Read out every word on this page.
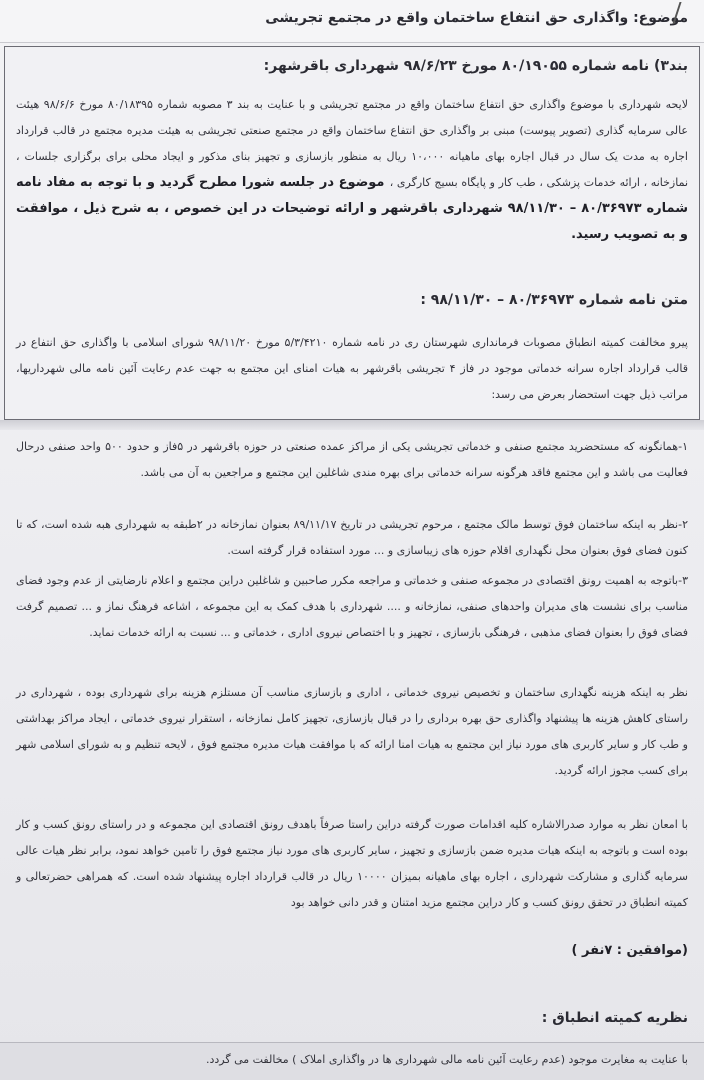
موضوع: واگذاری حق انتفاع ساختمان واقع در مجتمع تجریشی
بند۳) نامه شماره ۸۰/۱۹۰۵۵ مورخ ۹۸/۶/۲۳ شهرداری باقرشهر:
لایحه شهرداری با موضوع واگذاری حق انتفاع ساختمان واقع در مجتمع تجریشی و با عنایت به بند ۳ مصوبه شماره ۸۰/۱۸۳۹۵ مورخ ۹۸/۶/۶ هیئت عالی سرمایه گذاری (تصویر پیوست) مبنی بر واگذاری حق انتفاع ساختمان واقع در مجتمع صنعتی تجریشی به هیئت مدیره مجتمع در قالب قرارداد اجاره به مدت یک سال در قبال اجاره بهای ماهیانه ۱۰،۰۰۰ ریال به منظور بازسازی و تجهیز بنای مذکور و ایجاد محلی برای برگزاری جلسات ، نمازخانه ، ارائه خدمات پزشکی ، طب کار و پایگاه بسیج کارگری ، موضوع در جلسه شورا مطرح گردید و با توجه به مفاد نامه شماره ۸۰/۳۶۹۷۳ – ۹۸/۱۱/۳۰ شهرداری باقرشهر و ارائه توضیحات در این خصوص ، به شرح ذیل ، موافقت و به تصویب رسید.
متن نامه شماره ۸۰/۳۶۹۷۳ – ۹۸/۱۱/۳۰ :
پیرو مخالفت کمیته انطباق مصوبات فرمانداری شهرستان ری در نامه شماره ۵/۳/۴۲۱۰ مورخ ۹۸/۱۱/۲۰ شورای اسلامی با واگذاری حق انتفاع در قالب قرارداد اجاره سرانه خدماتی موجود در فاز ۴ تجریشی باقرشهر به هیات امنای این مجتمع به جهت عدم رعایت آئین نامه مالی شهرداریها، مراتب ذیل جهت استحضار بعرض می رسد:
۱-همانگونه که مستحضرید مجتمع صنفی و خدماتی تجریشی یکی از مراکز عمده صنعتی در حوزه باقرشهر در ۵فاز و حدود ۵۰۰ واحد صنفی درحال فعالیت می باشد و این مجتمع فاقد هرگونه سرانه خدماتی برای بهره مندی شاغلین این مجتمع و مراجعین به آن می باشد.
۲-نظر به اینکه ساختمان فوق توسط مالک مجتمع ، مرحوم تجریشی در تاریخ ۸۹/۱۱/۱۷ بعنوان نمازخانه در ۲طبقه به شهرداری هبه شده است، که تا کنون فضای فوق بعنوان محل نگهداری اقلام حوزه های زیباسازی و ... مورد استفاده قرار گرفته است.
۳-باتوجه به اهمیت رونق اقتصادی در مجموعه صنفی و خدماتی و مراجعه مکرر صاحبین و شاغلین دراین مجتمع و اعلام نارضایتی از عدم وجود فضای مناسب برای نشست های مدیران واحدهای صنفی، نمازخانه و .... شهرداری با هدف کمک به این مجموعه ، اشاعه فرهنگ نماز و ... تصمیم گرفت فضای فوق را بعنوان فضای مذهبی ، فرهنگی بازسازی ، تجهیز و با اختصاص نیروی اداری ، خدماتی و ... نسبت به ارائه خدمات نماید.
نظر به اینکه هزینه نگهداری ساختمان و تخصیص نیروی خدماتی ، اداری و بازسازی مناسب آن مستلزم هزینه برای شهرداری بوده ، شهرداری در راستای کاهش هزینه ها پیشنهاد واگذاری حق بهره برداری را در قبال بازسازی، تجهیز کامل نمازخانه ، استقرار نیروی خدماتی ، ایجاد مراکز بهداشتی و طب کار و سایر کاربری های مورد نیاز این مجتمع به هیات امنا ارائه که با موافقت هیات مدیره مجتمع فوق ، لایحه تنظیم و به شورای اسلامی شهر برای کسب مجوز ارائه گردید.
با امعان نظر به موارد صدرالاشاره کلیه اقدامات صورت گرفته دراین راستا صرفاً باهدف رونق اقتصادی این مجموعه و در راستای رونق کسب و کار بوده است و باتوجه به اینکه هیات مدیره ضمن بازسازی و تجهیز ، سایر کاربری های مورد نیاز مجتمع فوق را تامین خواهد نمود، برابر نظر هیات عالی سرمایه گذاری و مشارکت شهرداری ، اجاره بهای ماهیانه بمیزان ۱۰۰۰۰ ریال در قالب قرارداد اجاره پیشنهاد شده است. که همراهی حضرتعالی و کمیته انطباق در تحقق رونق کسب و کار دراین مجتمع مزید امتنان و قدر دانی خواهد بود
(موافقین : ۷نفر )
نظریه کمیته انطباق :
با عنایت به مغایرت موجود (عدم رعایت آئین نامه مالی شهرداری ها در واگذاری املاک ) مخالفت می گردد.
